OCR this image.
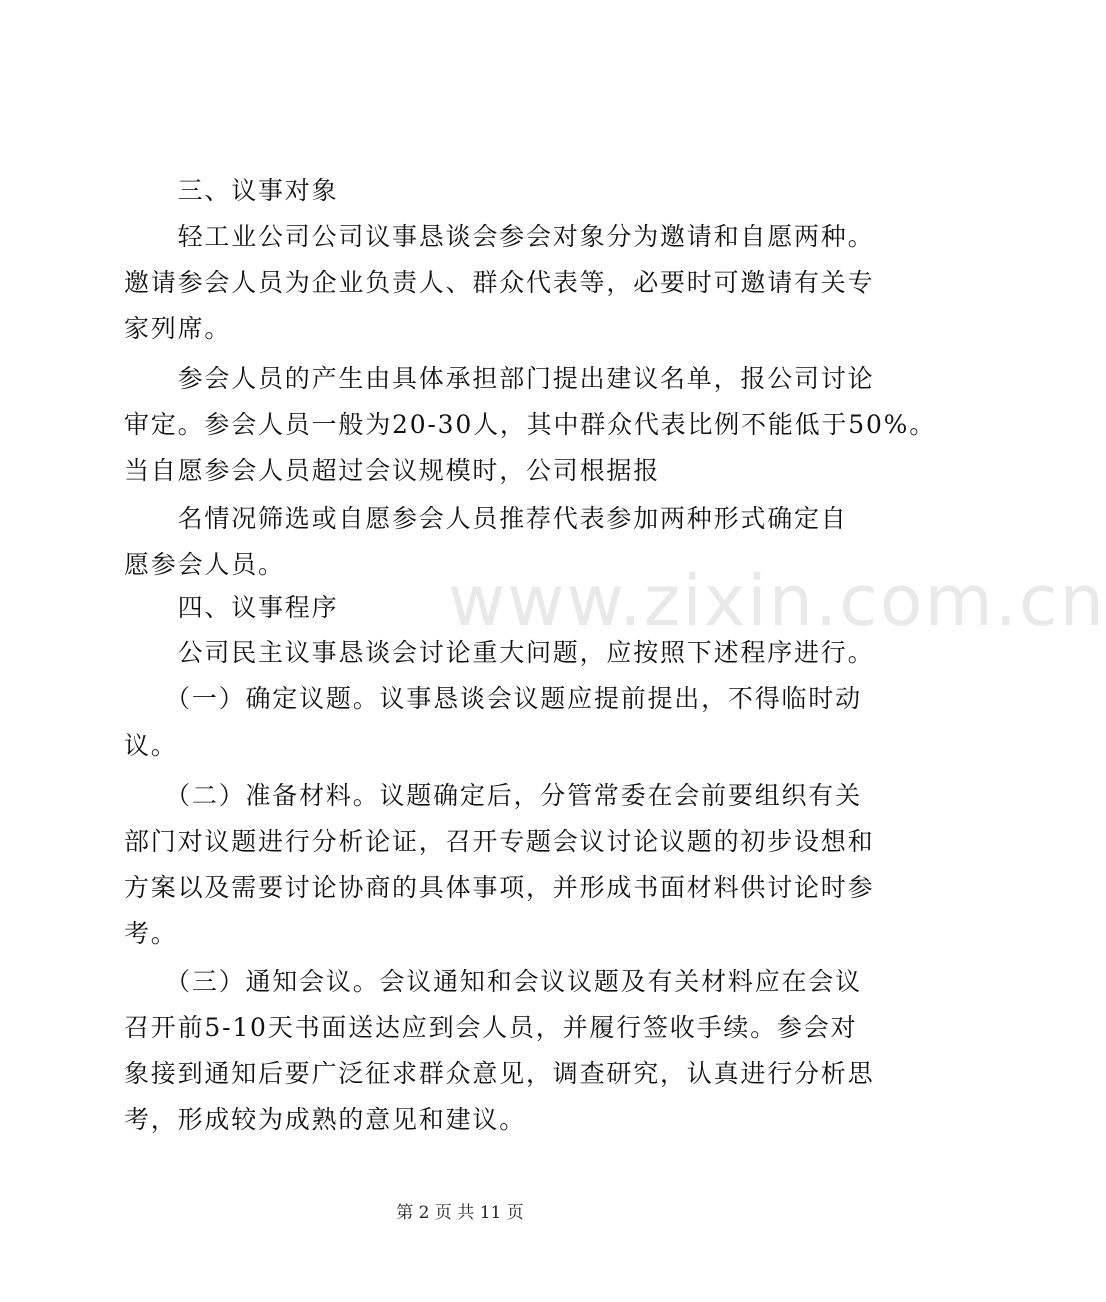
www.zixin.com.cn
　　三、议事对象
　　轻工业公司公司议事恳谈会参会对象分为邀请和自愿两种。
邀请参会人员为企业负责人、群众代表等，必要时可邀请有关专
家列席。
　　参会人员的产生由具体承担部门提出建议名单，报公司讨论
审定。参会人员一般为20-30人，其中群众代表比例不能低于50%。
当自愿参会人员超过会议规模时，公司根据报
　　名情况筛选或自愿参会人员推荐代表参加两种形式确定自
愿参会人员。
　　四、议事程序
　　公司民主议事恳谈会讨论重大问题，应按照下述程序进行。
　　（一）确定议题。议事恳谈会议题应提前提出，不得临时动
议。
　　（二）准备材料。议题确定后，分管常委在会前要组织有关
部门对议题进行分析论证，召开专题会议讨论议题的初步设想和
方案以及需要讨论协商的具体事项，并形成书面材料供讨论时参
考。
　　（三）通知会议。会议通知和会议议题及有关材料应在会议
召开前5-10天书面送达应到会人员，并履行签收手续。参会对
象接到通知后要广泛征求群众意见，调查研究，认真进行分析思
考，形成较为成熟的意见和建议。
第 2 页 共 11 页
